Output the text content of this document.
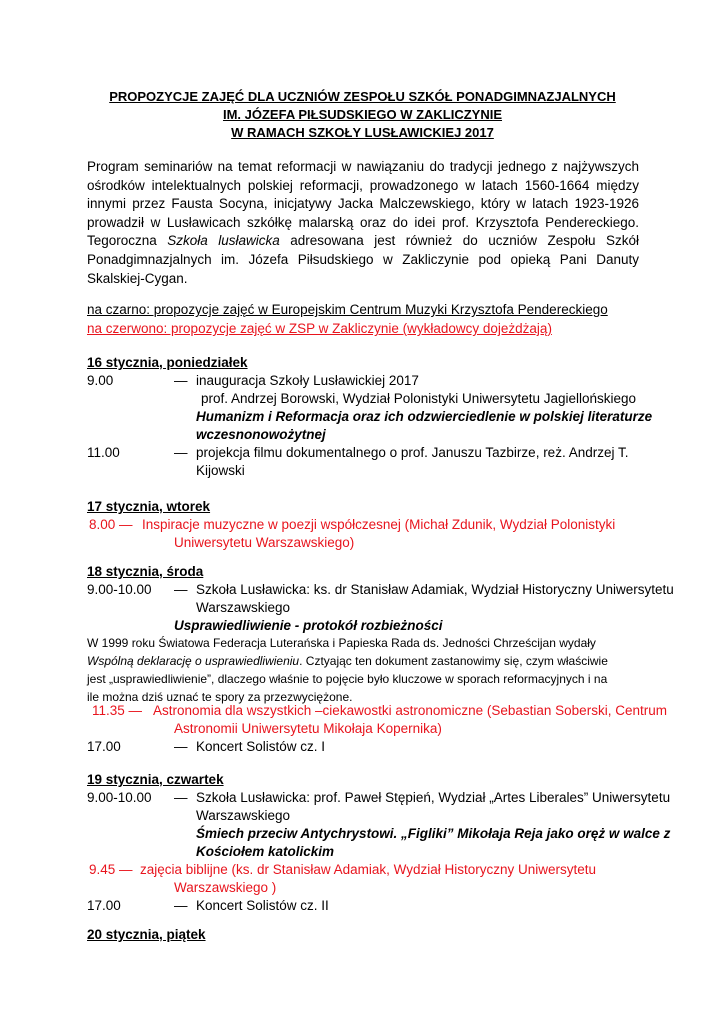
PROPOZYCJE ZAJĘĆ DLA UCZNIÓW ZESPOŁU SZKÓŁ PONADGIMNAZJALNYCH
IM. JÓZEFA PIŁSUDSKIEGO W ZAKLICZYNIE
W RAMACH SZKOŁY LUSŁAWICKIEJ 2017
Program seminariów na temat reformacji w nawiązaniu do tradycji jednego z najżywszych ośrodków intelektualnych polskiej reformacji, prowadzonego w latach 1560-1664 między innymi przez Fausta Socyna, inicjatywy Jacka Malczewskiego, który w latach 1923-1926 prowadził w Lusławicach szkółkę malarską oraz do idei prof. Krzysztofa Pendereckiego. Tegoroczna Szkoła lusławicka adresowana jest również do uczniów Zespołu Szkół Ponadgimnazjalnych im. Józefa Piłsudskiego w Zakliczynie pod opieką Pani Danuty Skalskiej-Cygan.
na czarno: propozycje zajęć w Europejskim Centrum Muzyki Krzysztofa Pendereckiego
na czerwono: propozycje zajęć w ZSP w Zakliczynie (wykładowcy dojeżdżają)
16 stycznia, poniedziałek
9.00	— inauguracja Szkoły Lusławickiej 2017
prof. Andrzej Borowski, Wydział Polonistyki Uniwersytetu Jagiellońskiego
Humanizm i Reformacja oraz ich odzwierciedlenie w polskiej literaturze
wczesnonowożytnej
11.00	— projekcja filmu dokumentalnego o prof. Januszu Tazbirze, reż. Andrzej T. Kijowski
17 stycznia, wtorek
8.00 — Inspiracje muzyczne w poezji współczesnej (Michał Zdunik, Wydział Polonistyki
Uniwersytetu Warszawskiego)
18 stycznia, środa
9.00-10.00 — Szkoła Lusławicka: ks. dr Stanisław Adamiak, Wydział Historyczny Uniwersytetu
Warszawskiego
Usprawiedliwienie - protokół rozbieżności
W 1999 roku Światowa Federacja Luterańska i Papieska Rada ds. Jedności Chrześcijan wydały
Wspólną deklarację o usprawiedliwieniu. Cztyając ten dokument zastanowimy się, czym właściwie
jest „usprawiedliwienie”, dlaczego właśnie to pojęcie było kluczowe w sporach reformacyjnych i na
ile można dziś uznać te spory za przezwyciężone.
11.35 — Astronomia dla wszystkich –ciekawostki astronomiczne (Sebastian Soberski, Centrum
Astronomii Uniwersytetu Mikołaja Kopernika)
17.00	— Koncert Solistów cz. I
19 stycznia, czwartek
9.00-10.00 — Szkoła Lusławicka: prof. Paweł Stępień, Wydział „Artes Liberales” Uniwersytetu
Warszawskiego
Śmiech przeciw Antychrystowi. „Figliki” Mikołaja Reja jako oręż w walce z
Kościołem katolickim
9.45 — zajęcia biblijne (ks. dr Stanisław Adamiak, Wydział Historyczny Uniwersytetu
Warszawskiego )
17.00	— Koncert Solistów cz. II
20 stycznia, piątek
